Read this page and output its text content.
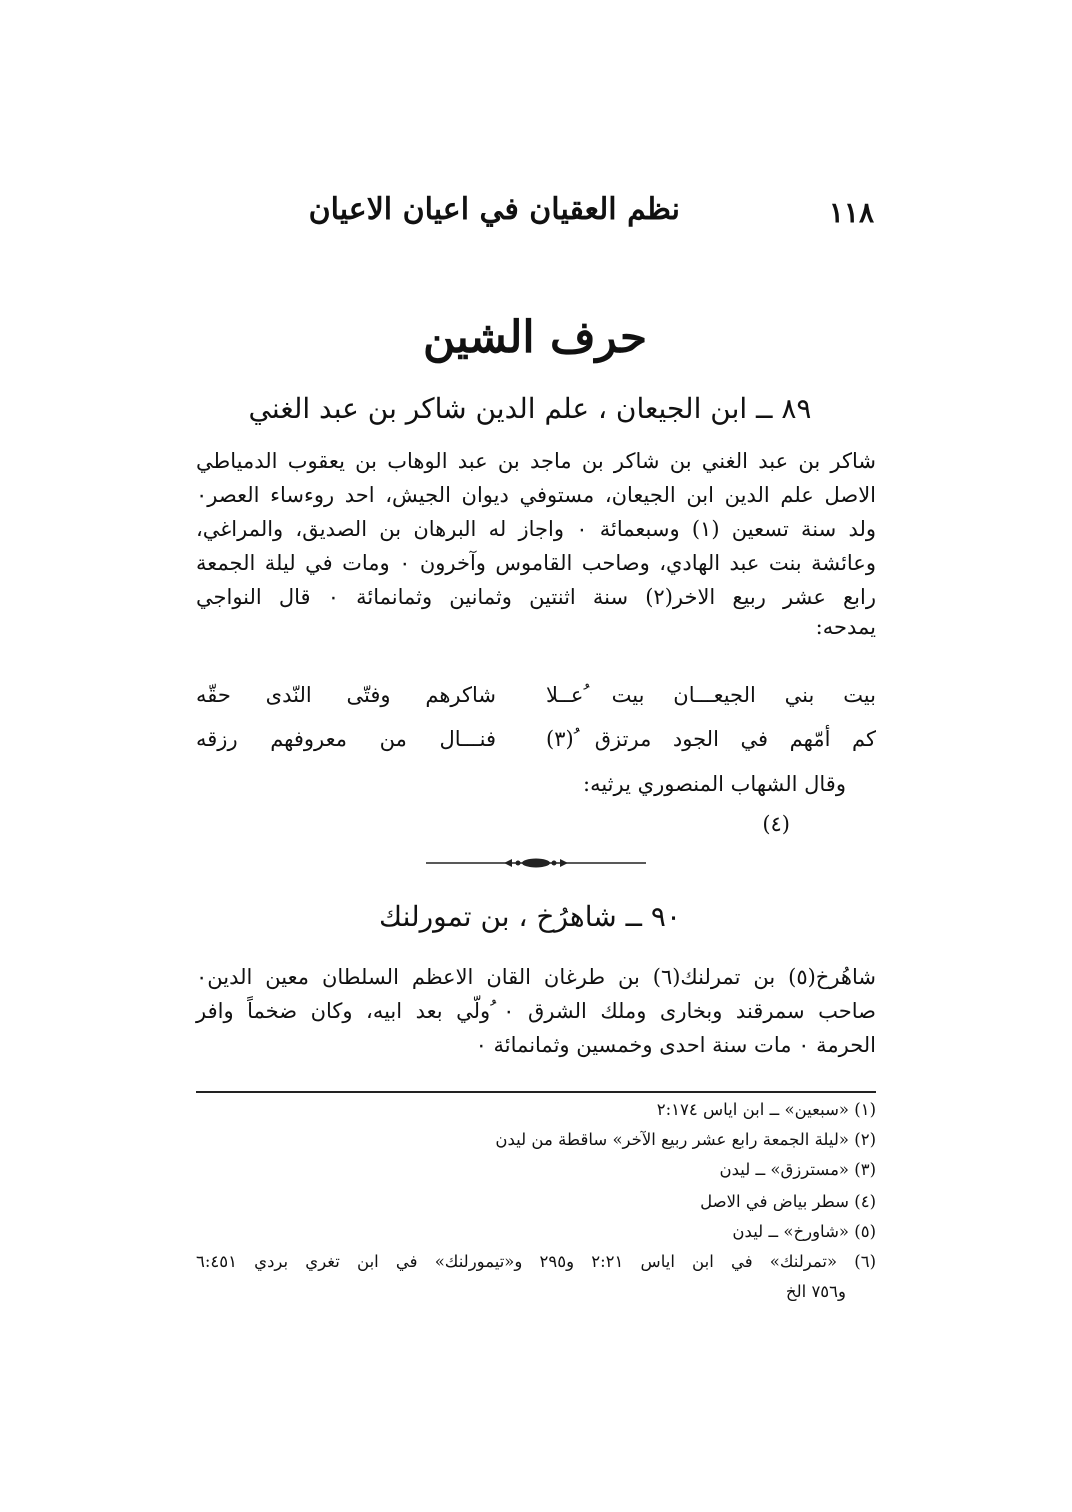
١١٨
نظم العقيان في اعيان الاعيان
حرف الشين
٨٩ ــ ابن الجيعان ، علم الدين شاكر بن عبد الغني
شاكر بن عبد الغني بن شاكر بن ماجد بن عبد الوهاب بن يعقوب الدمياطي
الاصل علم الدين ابن الجيعان، مستوفي ديوان الجيش، احد روءساء العصر٠
ولد سنة تسعين (١) وسبعمائة ٠ واجاز له البرهان بن الصديق، والمراغي،
وعائشة بنت عبد الهادي، وصاحب القاموس وآخرون ٠ ومات في ليلة الجمعة
رابع عشر ربيع الاخر(٢) سنة اثنتين وثمانين وثمانمائة ٠ قال النواجي
يمدحه:
بيت بني الجيعـــان بيت ُعــلا
شاكرهم وفتّى النّدى حقّه
كم أمّهم في الجود مرتزق ُ(٣)
فنـــال من معروفهم رزقه
وقال الشهاب المنصوري يرثيه:
(٤)
٩٠ ــ شاهرُخ ، بن تمورلنك
شاهُرخ(٥) بن تمرلنك(٦) بن طرغان القان الاعظم السلطان معين الدين٠
صاحب سمرقند وبخارى وملك الشرق ٠ ُولّي بعد ابيه، وكان ضخماً وافر
الحرمة ٠ مات سنة احدى وخمسين وثمانمائة ٠
(١) «سبعين» ــ ابن اياس ٢:١٧٤
(٢) «ليلة الجمعة رابع عشر ربيع الآخر» ساقطة من ليدن
(٣) «مسترزق» ــ ليدن
(٤) سطر بياض في الاصل
(٥) «شاورخ» ــ ليدن
(٦) «تمرلنك» في ابن اياس ٢:٢١ و٢٩٥ و«تيمورلنك» في ابن تغري بردي ٦:٤٥١
و٧٥٦ الخ
